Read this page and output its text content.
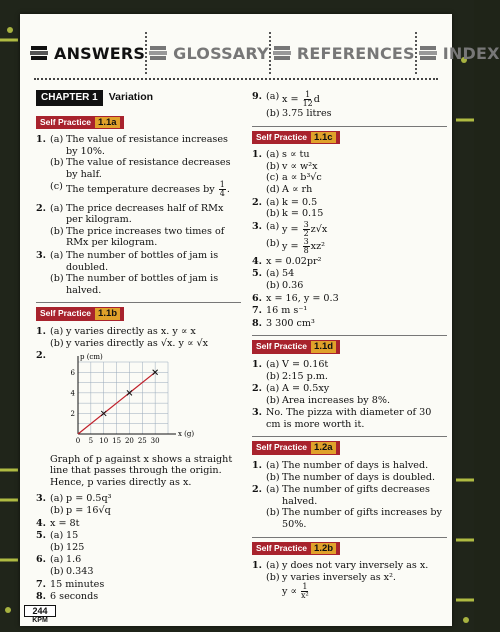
ANSWERS GLOSSARY REFERENCES INDEX
CHAPTER 1	Variation
Self Practice 1.1a
1. (a) The value of resistance increases by 10%.
(b) The value of resistance decreases by half.
(c) The temperature decreases by $\frac{1}{4}$ .
2. (a) The price decreases half of RMx per kilogram.
(b) The price increases two times of RMx per kilogram.
3. (a) The number of bottles of jam is doubled.
(b) The number of bottles of jam is halved.
Self Practice 1.1b
1. (a) y varies directly as x. y ∝ x
(b) y varies directly as √x. y ∝ √x
2.
0 5 10 15 20 25 30
2
4
6
x (g)
p (cm)
Graph of p against x shows a straight line that passes through the origin. Hence, p varies directly as x.
3. (a) p = 0.5q³
(b) p = 16√q
4. x = 8t
5. (a) 15
(b) 125
6. (a) 1.6
(b) 0.343
7. 15 minutes
8. 6 seconds
9. (a) $x = \frac{1}{12}$ d
(b) 3.75 litres
Self Practice 1.1c
1. (a) s ∝ tu
(b) v ∝ w²x
(c) a ∝ b³√c
(d) A ∝ rh
2. (a) k = 0.5
(b) k = 0.15
3. (a) $y = \frac{3}{2} z√x$
(b) $y = \frac{3}{8} xz^2$
4. x = 0.02pr²
5. (a) 54
(b) 0.36
6. x = 16, y = 0.3
7. 16 m s⁻¹
8. 3 300 cm³
Self Practice 1.1d
1. (a) V = 0.16t
(b) 2:15 p.m.
2. (a) A = 0.5xy
(b) Area increases by 8%.
3. No. The pizza with diameter of 30 cm is more worth it.
Self Practice 1.2a
1. (a) The number of days is halved.
(b) The number of days is doubled.
2. (a) The number of gifts decreases halved.
(b) The number of gifts increases by 50%.
Self Practice 1.2b
1. (a) y does not vary inversely as x.
(b) y varies inversely as x².
$y \propto \frac{1}{\text{x²}}$
244
KPM
